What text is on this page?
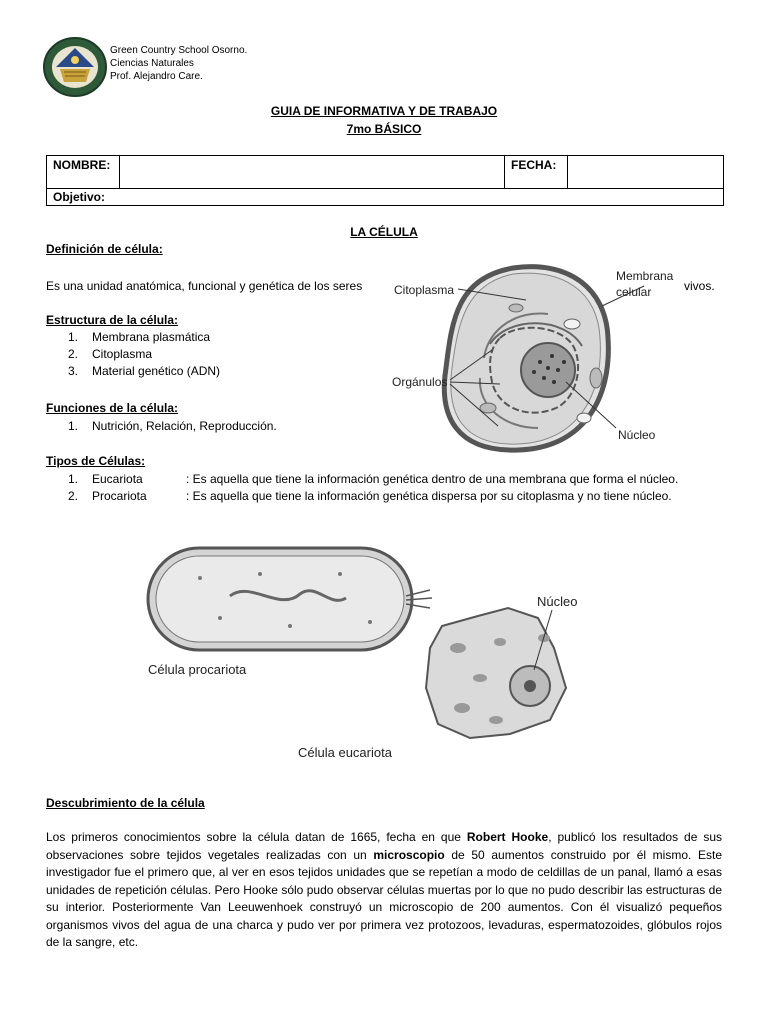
Green Country School Osorno.
Ciencias Naturales
Prof. Alejandro Care.
GUIA DE INFORMATIVA Y DE TRABAJO
7mo BÁSICO
NOMBRE:		FECHA:	
Objetivo:
LA CÉLULA
Definición de célula:
Es una unidad anatómica, funcional y genética de los seres	vivos.
Estructura de la célula:
1. Membrana plasmática
2. Citoplasma
3. Material genético (ADN)
Funciones de la célula:
1. Nutrición, Relación, Reproducción.
Tipos de Células:
1. Eucariota	: Es aquella que tiene la información genética dentro de una membrana que forma el núcleo.
2. Procariota	: Es aquella que tiene la información genética dispersa por su citoplasma y no tiene núcleo.
Citoplasma
Membrana
celular
Orgánulos
Núcleo
Núcleo
Célula procariota
Célula eucariota
Descubrimiento de la célula
Los primeros conocimientos sobre la célula datan de 1665, fecha en que Robert Hooke, publicó los resultados de sus observaciones sobre tejidos vegetales realizadas con un microscopio de 50 aumentos construido por él mismo. Este investigador fue el primero que, al ver en esos tejidos unidades que se repetían a modo de celdillas de un panal, llamó a esas unidades de repetición células. Pero Hooke sólo pudo observar células muertas por lo que no pudo describir las estructuras de su interior. Posteriormente Van Leeuwenhoek construyó un microscopio de 200 aumentos. Con él visualizó pequeños organismos vivos del agua de una charca y pudo ver por primera vez protozoos, levaduras, espermatozoides, glóbulos rojos de la sangre, etc.
